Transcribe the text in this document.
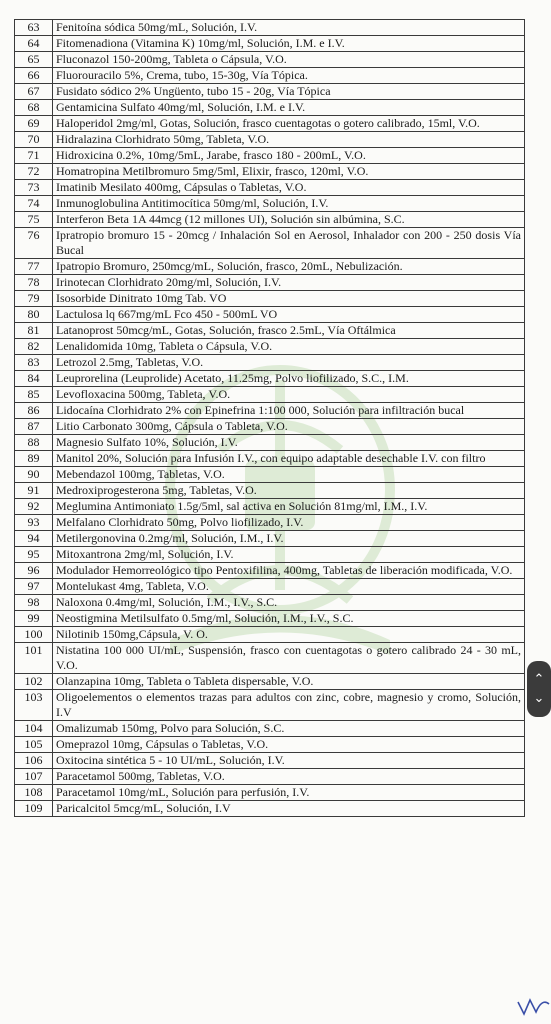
63	Fenitoína sódica 50mg/mL, Solución, I.V.
64	Fitomenadiona (Vitamina K) 10mg/ml, Solución, I.M. e I.V.
65	Fluconazol 150-200mg, Tableta o Cápsula, V.O.
66	Fluorouracilo 5%, Crema, tubo, 15-30g, Vía Tópica.
67	Fusidato sódico 2% Ungüento, tubo 15 - 20g, Vía Tópica
68	Gentamicina Sulfato 40mg/ml, Solución, I.M. e I.V.
69	Haloperidol 2mg/ml, Gotas, Solución, frasco cuentagotas o gotero calibrado, 15ml, V.O.
70	Hidralazina Clorhidrato 50mg, Tableta, V.O.
71	Hidroxicina 0.2%, 10mg/5mL, Jarabe, frasco 180 - 200mL, V.O.
72	Homatropina Metilbromuro 5mg/5ml, Elixir, frasco, 120ml, V.O.
73	Imatinib Mesilato 400mg, Cápsulas o Tabletas, V.O.
74	Inmunoglobulina Antitimocítica 50mg/ml, Solución, I.V.
75	Interferon Beta 1A 44mcg (12 millones UI), Solución sin albúmina, S.C.
76	Ipratropio bromuro 15 - 20mcg / Inhalación Sol en Aerosol, Inhalador con 200 - 250 dosis Vía Bucal
77	Ipatropio Bromuro, 250mcg/mL, Solución, frasco, 20mL, Nebulización.
78	Irinotecan Clorhidrato 20mg/ml, Solución, I.V.
79	Isosorbide Dinitrato 10mg Tab. VO
80	Lactulosa lq 667mg/mL Fco 450 - 500mL VO
81	Latanoprost 50mcg/mL, Gotas, Solución, frasco 2.5mL, Vía Oftálmica
82	Lenalidomida 10mg, Tableta o Cápsula, V.O.
83	Letrozol 2.5mg, Tabletas, V.O.
84	Leuprorelina (Leuprolide) Acetato, 11.25mg, Polvo liofilizado, S.C., I.M.
85	Levofloxacina 500mg, Tableta, V.O.
86	Lidocaína Clorhidrato 2% con Epinefrina 1:100 000, Solución para infiltración bucal
87	Litio Carbonato 300mg, Cápsula o Tableta, V.O.
88	Magnesio Sulfato 10%, Solución, I.V.
89	Manitol 20%, Solución para Infusión I.V., con equipo adaptable desechable I.V. con filtro
90	Mebendazol 100mg, Tabletas, V.O.
91	Medroxiprogesterona 5mg, Tabletas, V.O.
92	Meglumina Antimoniato 1.5g/5ml, sal activa en Solución 81mg/ml, I.M., I.V.
93	Melfalano Clorhidrato 50mg, Polvo liofilizado, I.V.
94	Metilergonovina 0.2mg/ml, Solución, I.M., I.V.
95	Mitoxantrona 2mg/ml, Solución, I.V.
96	Modulador Hemorreológico tipo Pentoxifilina, 400mg, Tabletas de liberación modificada, V.O.
97	Montelukast 4mg, Tableta, V.O.
98	Naloxona 0.4mg/ml, Solución, I.M., I.V., S.C.
99	Neostigmina Metilsulfato 0.5mg/ml, Solución, I.M., I.V., S.C.
100	Nilotinib 150mg,Cápsula, V. O.
101	Nistatina 100 000 UI/mL, Suspensión, frasco con cuentagotas o gotero calibrado 24 - 30 mL, V.O.
102	Olanzapina 10mg, Tableta o Tableta dispersable, V.O.
103	Oligoelementos o elementos trazas para adultos con zinc, cobre, magnesio y cromo, Solución, I.V
104	Omalizumab 150mg, Polvo para Solución, S.C.
105	Omeprazol 10mg, Cápsulas o Tabletas, V.O.
106	Oxitocina sintética 5 - 10 UI/mL, Solución, I.V.
107	Paracetamol 500mg, Tabletas, V.O.
108	Paracetamol 10mg/mL, Solución para perfusión, I.V.
109	Paricalcitol 5mcg/mL, Solución, I.V
⌃
⌄
